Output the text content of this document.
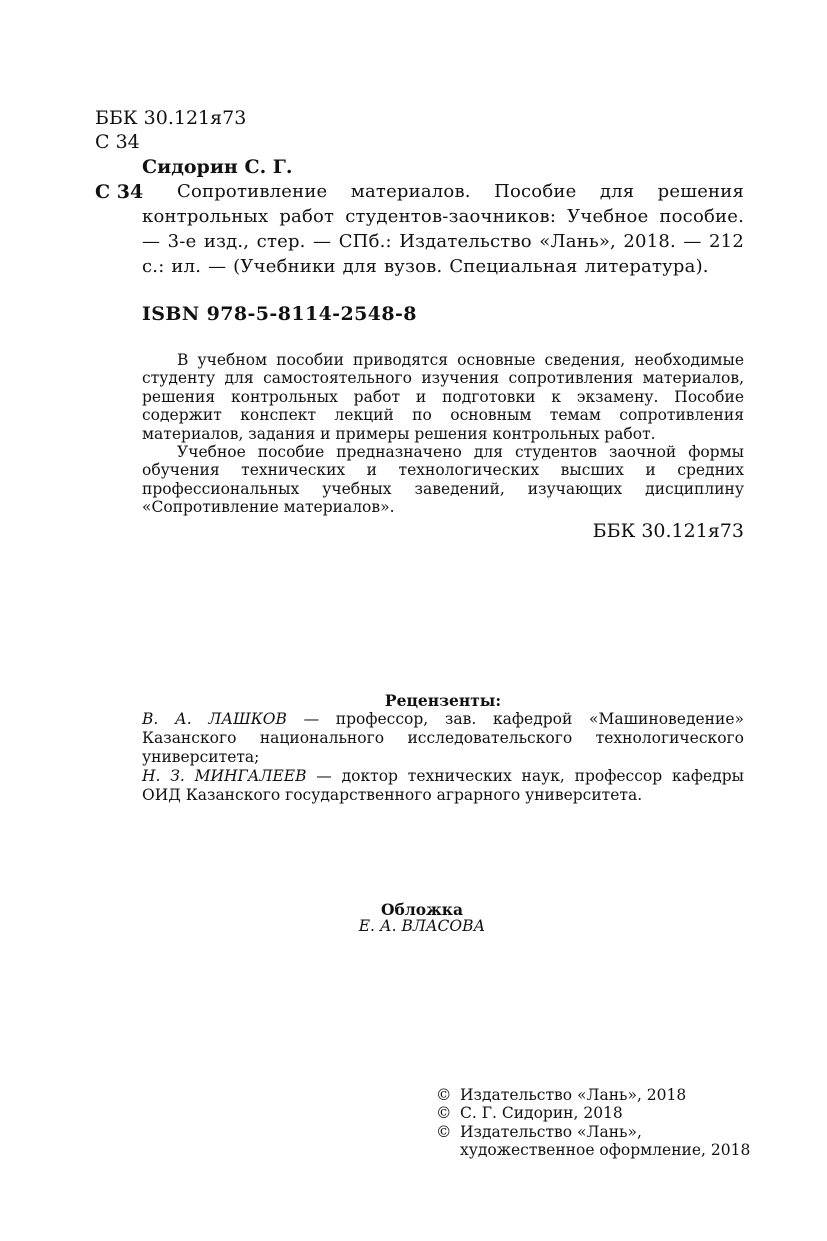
ББК 30.121я73
С 34
Сидорин С. Г.
С 34	Сопротивление материалов. Пособие для решения контрольных работ студентов-заочников: Учебное пособие. — 3-е изд., стер. — СПб.: Издательство «Лань», 2018. — 212 с.: ил. — (Учебники для вузов. Специальная литература).
ISBN 978-5-8114-2548-8

В учебном пособии приводятся основные сведения, необходимые студенту для самостоятельного изучения сопротивления материалов, решения контрольных работ и подготовки к экзамену. Пособие содержит конспект лекций по основным темам сопротивления материалов, задания и примеры решения контрольных работ.

Учебное пособие предназначено для студентов заочной формы обучения технических и технологических высших и средних профессиональных учебных заведений, изучающих дисциплину «Сопротивление материалов».

ББК 30.121я73
Рецензенты:

В. А. ЛАШКОВ — профессор, зав. кафедрой «Машиноведение» Казанского национального исследовательского технологического университета;

Н. З. МИНГАЛЕЕВ — доктор технических наук, профессор кафедры ОИД Казанского государственного аграрного университета.

Обложка
Е. А. ВЛАСОВА
© Издательство «Лань», 2018
© С. Г. Сидорин, 2018
© Издательство «Лань»,
художественное оформление, 2018
